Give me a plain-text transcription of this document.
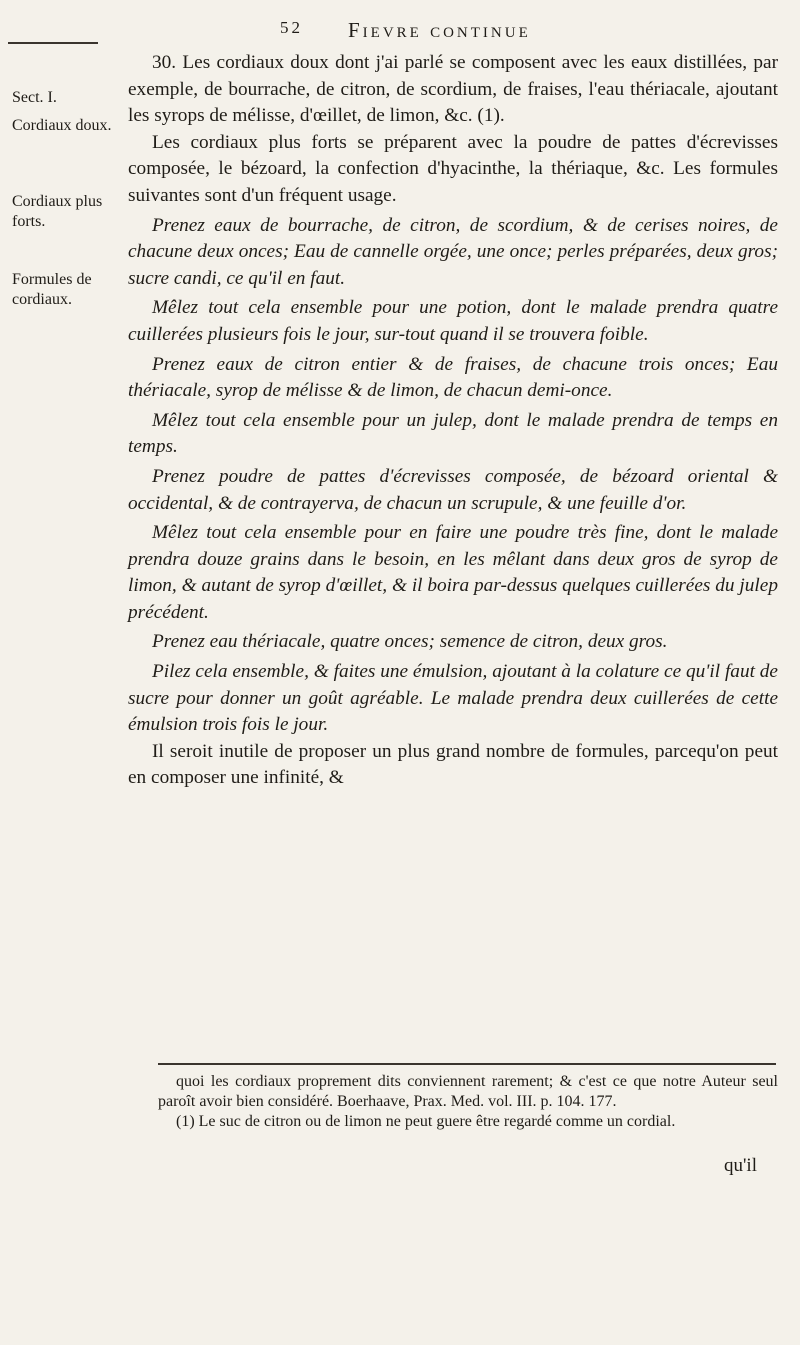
52 Fievre continue
Sect. I.
Cordiaux doux.
Cordiaux plus forts.
Formules de cordiaux.

30. Les cordiaux doux dont j'ai parlé se composent avec les eaux distillées, par exemple, de bourrache, de citron, de scordium, de fraises, l'eau thériacale, ajoutant les syrops de mélisse, d'œillet, de limon, &c. (1).

Les cordiaux plus forts se préparent avec la poudre de pattes d'écrevisses composée, le bézoard, la confection d'hyacinthe, la thériaque, &c. Les formules suivantes sont d'un fréquent usage.

Prenez eaux de bourrache, de citron, de scordium, & de cerises noires, de chacune deux onces; Eau de cannelle orgée, une once; perles préparées, deux gros; sucre candi, ce qu'il en faut.

Mêlez tout cela ensemble pour une potion, dont le malade prendra quatre cuillerées plusieurs fois le jour, sur-tout quand il se trouvera foible.

Prenez eaux de citron entier & de fraises, de chacune trois onces; Eau thériacale, syrop de mélisse & de limon, de chacun demi-once.

Mêlez tout cela ensemble pour un julep, dont le malade prendra de temps en temps.

Prenez poudre de pattes d'écrevisses composée, de bézoard oriental & occidental, & de contrayerva, de chacun un scrupule, & une feuille d'or.

Mêlez tout cela ensemble pour en faire une poudre très fine, dont le malade prendra douze grains dans le besoin, en les mêlant dans deux gros de syrop de limon, & autant de syrop d'œillet, & il boira par-dessus quelques cuillerées du julep précédent.

Prenez eau thériacale, quatre onces; semence de citron, deux gros.

Pilez cela ensemble, & faites une émulsion, ajoutant à la colature ce qu'il faut de sucre pour donner un goût agréable. Le malade prendra deux cuillerées de cette émulsion trois fois le jour.

Il seroit inutile de proposer un plus grand nombre de formules, parcequ'on peut en composer une infinité, &

quoi les cordiaux proprement dits conviennent rarement; & c'est ce que notre Auteur seul paroît avoir bien considéré. Boerhaave, Prax. Med. vol. III. p. 104. 177.

(1) Le suc de citron ou de limon ne peut guere être regardé comme un cordial.

qu'il
